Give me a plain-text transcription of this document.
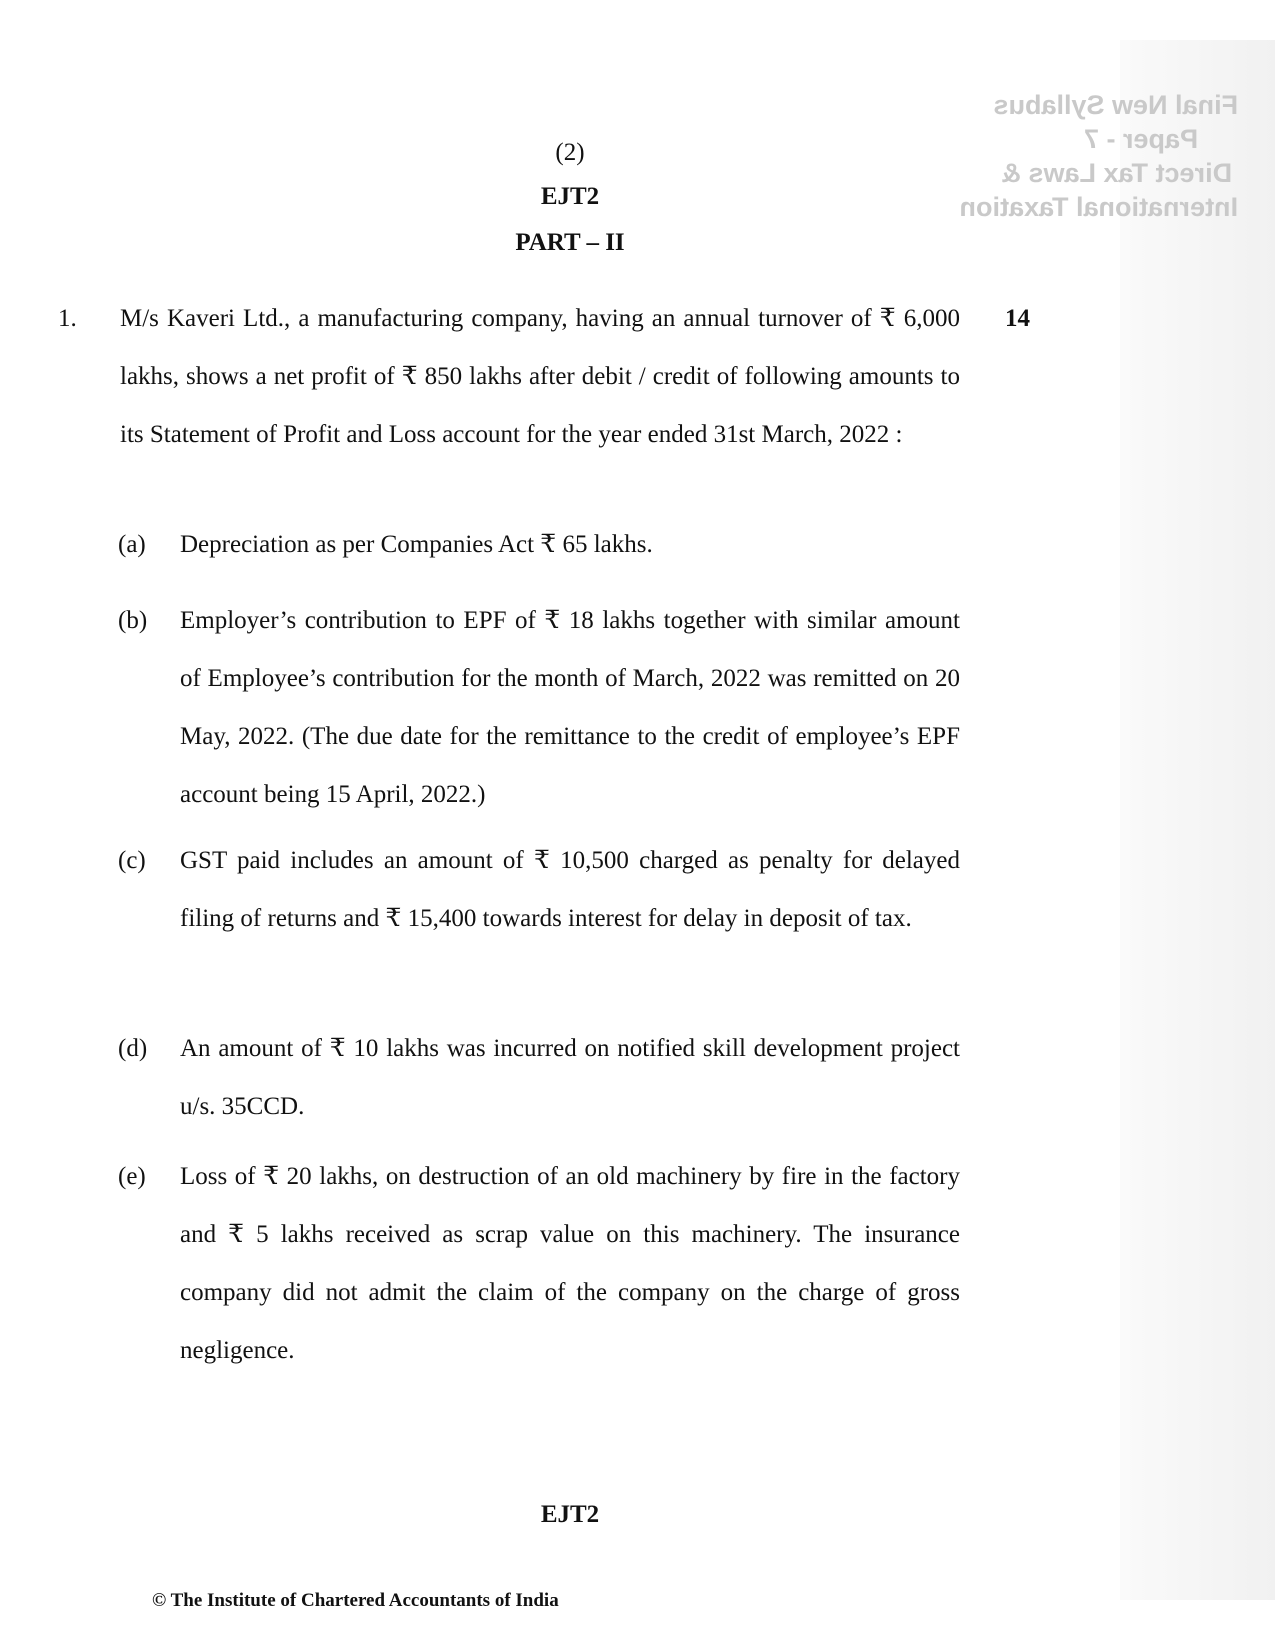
Final New Syllabus
Paper - 7
Direct Tax Laws &
International Taxation
(2)
EJT2
PART – II
1.	14
M/s Kaveri Ltd., a manufacturing company, having an annual turnover of ₹ 6,000 lakhs, shows a net profit of ₹ 850 lakhs after debit / credit of following amounts to its Statement of Profit and Loss account for the year ended 31st March, 2022 :
(a)	Depreciation as per Companies Act ₹ 65 lakhs.
(b)	Employer’s contribution to EPF of ₹ 18 lakhs together with similar amount of Employee’s contribution for the month of March, 2022 was remitted on 20 May, 2022. (The due date for the remittance to the credit of employee’s EPF account being 15 April, 2022.)
(c)	GST paid includes an amount of ₹ 10,500 charged as penalty for delayed filing of returns and ₹ 15,400 towards interest for delay in deposit of tax.
(d)	An amount of ₹ 10 lakhs was incurred on notified skill development project u/s. 35CCD.
(e)	Loss of ₹ 20 lakhs, on destruction of an old machinery by fire in the factory and ₹ 5 lakhs received as scrap value on this machinery. The insurance company did not admit the claim of the company on the charge of gross negligence.
EJT2
© The Institute of Chartered Accountants of India
